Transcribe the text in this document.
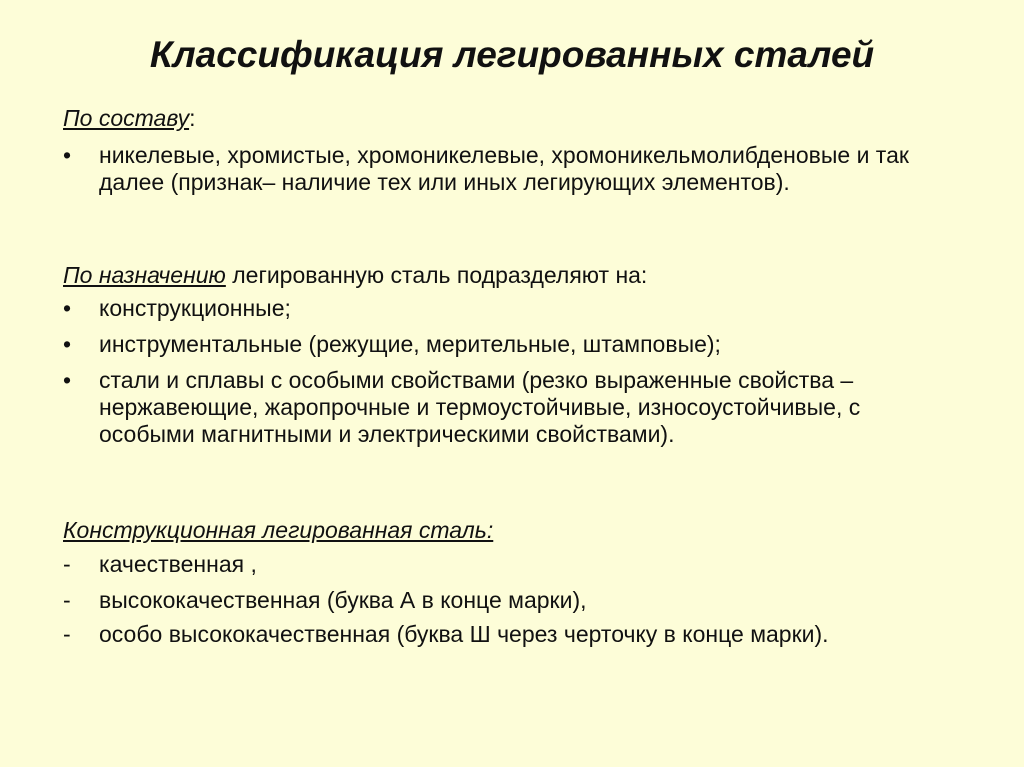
Классификация легированных сталей
По составу:
•	никелевые, хромистые, хромоникелевые, хромоникельмолибденовые и так далее (признак– наличие тех или иных легирующих элементов).
По назначению легированную сталь подразделяют на:
•	конструкционные;
•	инструментальные (режущие, мерительные, штамповые);
•	стали и сплавы с особыми свойствами (резко выраженные свойства –нержавеющие, жаропрочные и термоустойчивые, износоустойчивые, с особыми магнитными и электрическими свойствами).
Конструкционная легированная сталь:
-	качественная ,
-	высококачественная (буква А в конце марки),
-	особо высококачественная (буква Ш через черточку в конце марки).
